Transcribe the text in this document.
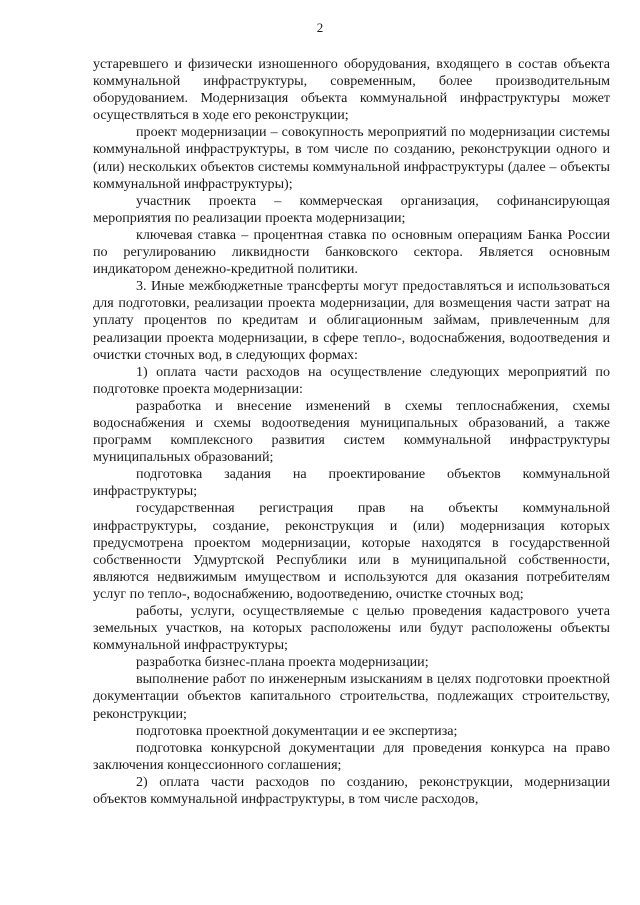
2

устаревшего и физически изношенного оборудования, входящего в состав объекта коммунальной инфраструктуры, современным, более производительным оборудованием. Модернизация объекта коммунальной инфраструктуры может осуществляться в ходе его реконструкции;

проект модернизации – совокупность мероприятий по модернизации системы коммунальной инфраструктуры, в том числе по созданию, реконструкции одного и (или) нескольких объектов системы коммунальной инфраструктуры (далее – объекты коммунальной инфраструктуры);

участник проекта – коммерческая организация, софинансирующая мероприятия по реализации проекта модернизации;

ключевая ставка – процентная ставка по основным операциям Банка России по регулированию ликвидности банковского сектора. Является основным индикатором денежно-кредитной политики.

3. Иные межбюджетные трансферты могут предоставляться и использоваться для подготовки, реализации проекта модернизации, для возмещения части затрат на уплату процентов по кредитам и облигационным займам, привлеченным для реализации проекта модернизации, в сфере тепло-, водоснабжения, водоотведения и очистки сточных вод, в следующих формах:

1) оплата части расходов на осуществление следующих мероприятий по подготовке проекта модернизации:

разработка и внесение изменений в схемы теплоснабжения, схемы водоснабжения и схемы водоотведения муниципальных образований, а также программ комплексного развития систем коммунальной инфраструктуры муниципальных образований;

подготовка задания на проектирование объектов коммунальной инфраструктуры;

государственная регистрация прав на объекты коммунальной инфраструктуры, создание, реконструкция и (или) модернизация которых предусмотрена проектом модернизации, которые находятся в государственной собственности Удмуртской Республики или в муниципальной собственности, являются недвижимым имуществом и используются для оказания потребителям услуг по тепло-, водоснабжению, водоотведению, очистке сточных вод;

работы, услуги, осуществляемые с целью проведения кадастрового учета земельных участков, на которых расположены или будут расположены объекты коммунальной инфраструктуры;

разработка бизнес-плана проекта модернизации;

выполнение работ по инженерным изысканиям в целях подготовки проектной документации объектов капитального строительства, подлежащих строительству, реконструкции;

подготовка проектной документации и ее экспертиза;

подготовка конкурсной документации для проведения конкурса на право заключения концессионного соглашения;

2) оплата части расходов по созданию, реконструкции, модернизации объектов коммунальной инфраструктуры, в том числе расходов,
